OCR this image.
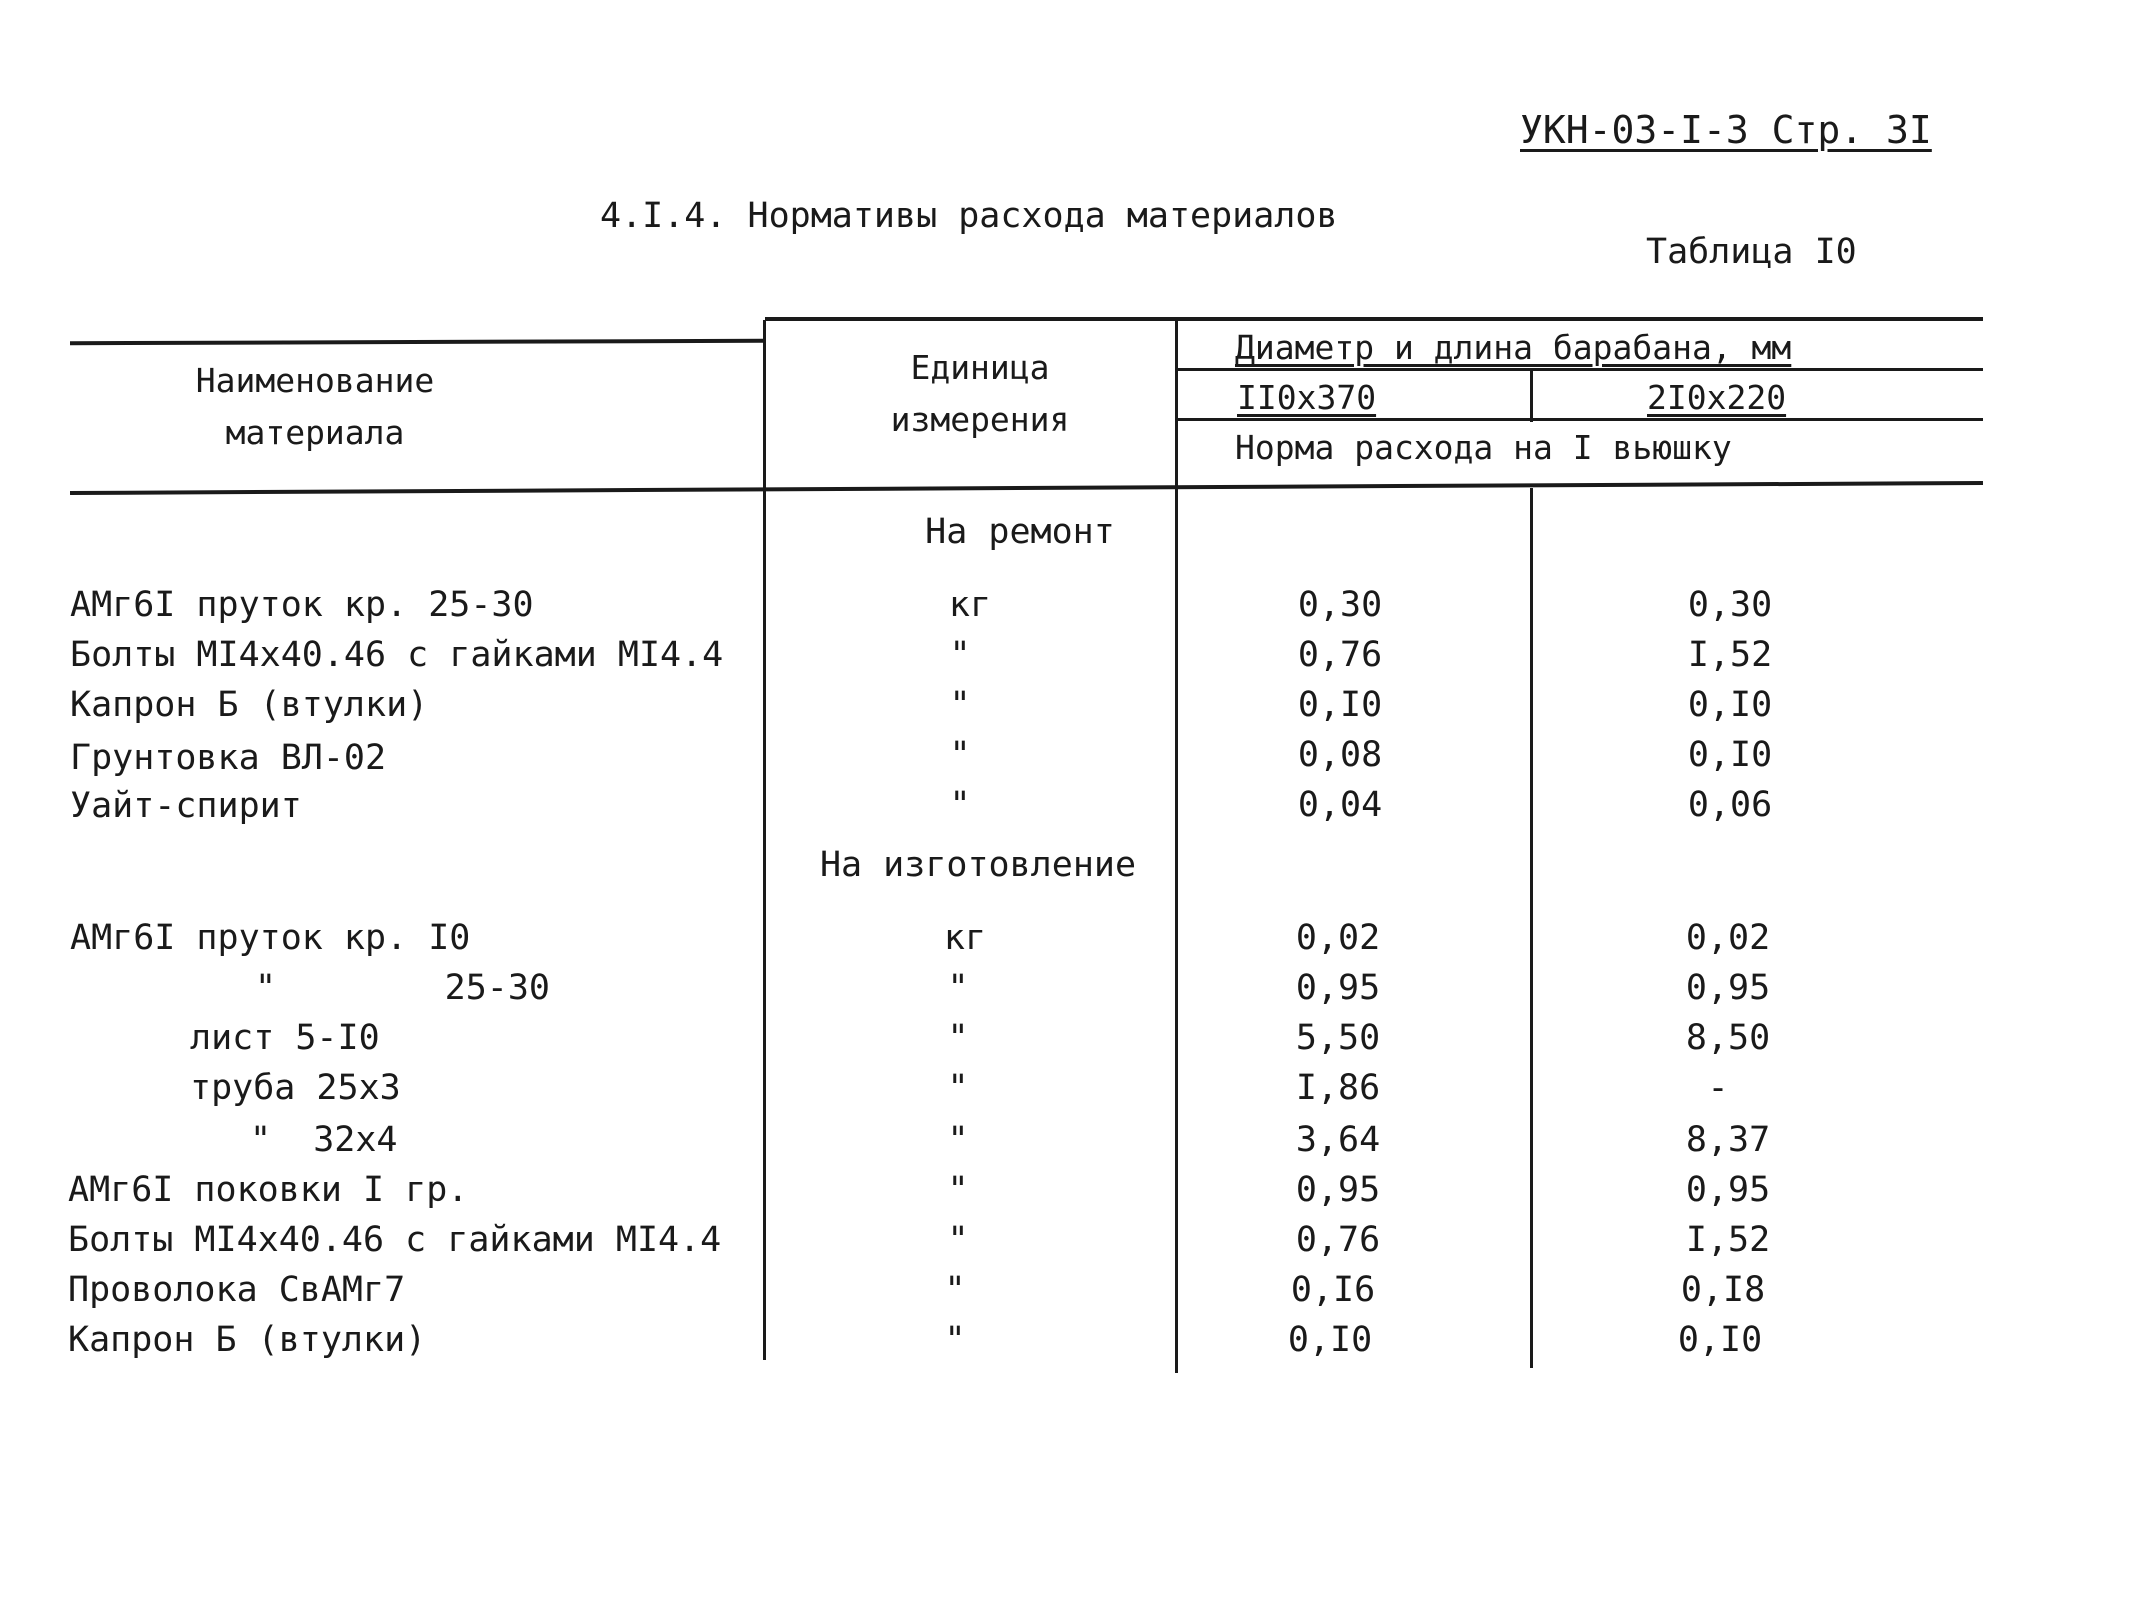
УКН-03-I-3 Стр. 3I
4.I.4. Нормативы расхода материалов
Таблица I0
Наименование
материала
Единица
измерения
Диаметр и длина барабана, мм
II0x370	2I0x220
Норма расхода на I вьюшку
На ремонт
На изготовление
АМг6I пруток кр. 25-30	кг	0,30	0,30
Болты МI4x40.46 с гайками МI4.4	"	0,76	I,52
Капрон Б (втулки)	"	0,I0	0,I0
Грунтовка ВЛ-02	"	0,08	0,I0
Уайт-спирит	"	0,04	0,06
АМг6I пруток кр. I0	кг	0,02	0,02
"        25-30	"	0,95	0,95
лист 5-I0	"	5,50	8,50
труба 25x3	"	I,86	-
"  32x4	"	3,64	8,37
АМг6I поковки I гр.	"	0,95	0,95
Болты МI4x40.46 с гайками МI4.4	"	0,76	I,52
Проволока СвАМг7	"	0,I6	0,I8
Капрон Б (втулки)	"	0,I0	0,I0
